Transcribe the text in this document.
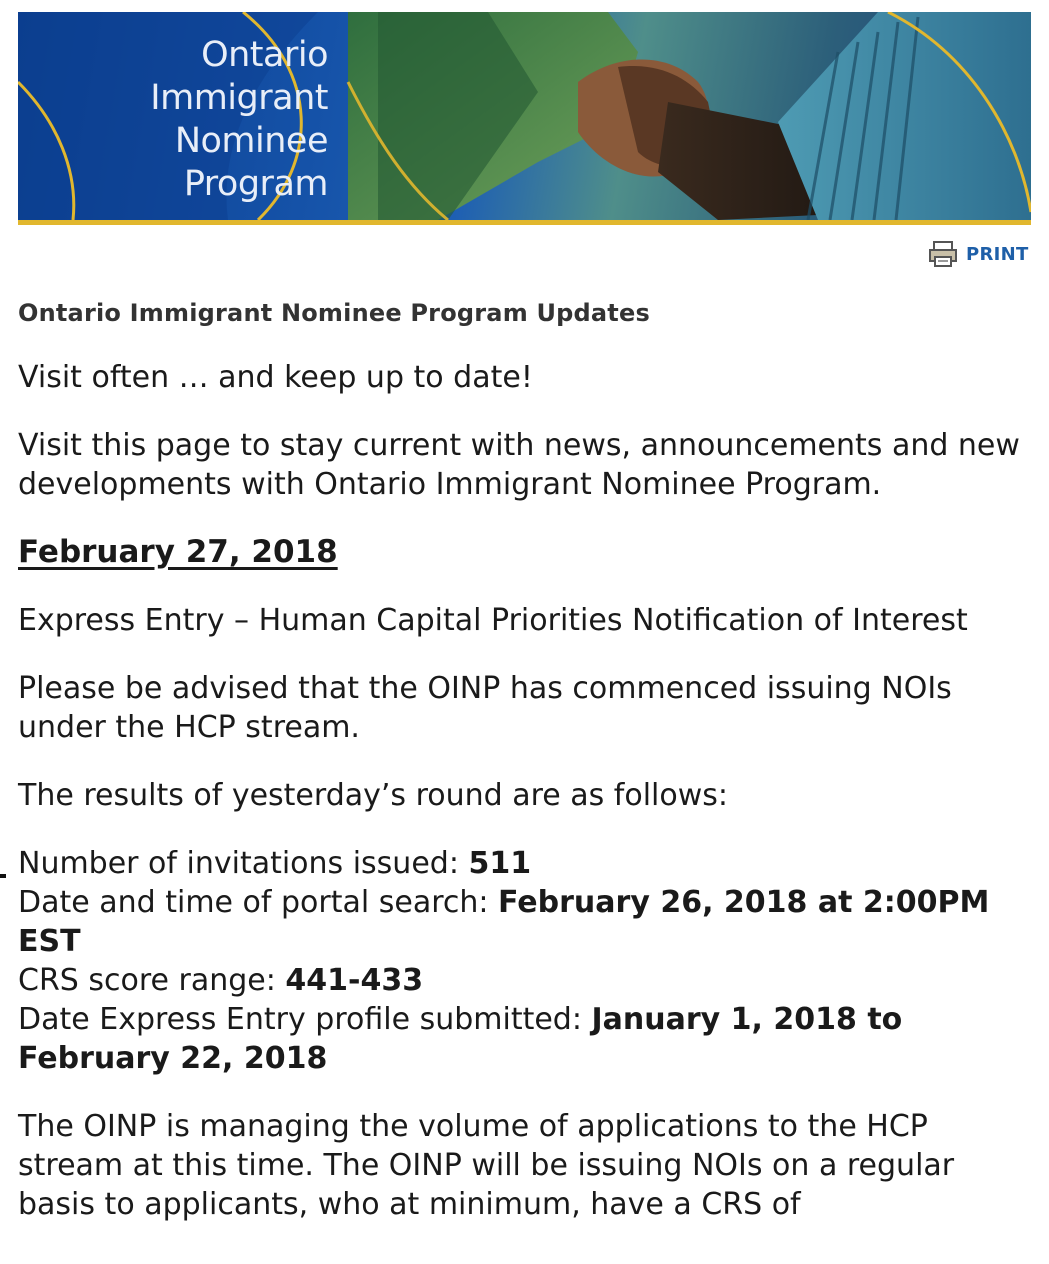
Ontario
Immigrant
Nominee
Program
PRINT
Ontario Immigrant Nominee Program Updates

Visit often … and keep up to date!

Visit this page to stay current with news, announcements and new developments with Ontario Immigrant Nominee Program.

February 27, 2018

Express Entry – Human Capital Priorities Notification of Interest

Please be advised that the OINP has commenced issuing NOIs under the HCP stream.

The results of yesterday’s round are as follows:

Number of invitations issued: 511
Date and time of portal search: February 26, 2018 at 2:00PM EST
CRS score range: 441-433
Date Express Entry profile submitted: January 1, 2018 to February 22, 2018

The OINP is managing the volume of applications to the HCP stream at this time. The OINP will be issuing NOIs on a regular basis to applicants, who at minimum, have a CRS of
